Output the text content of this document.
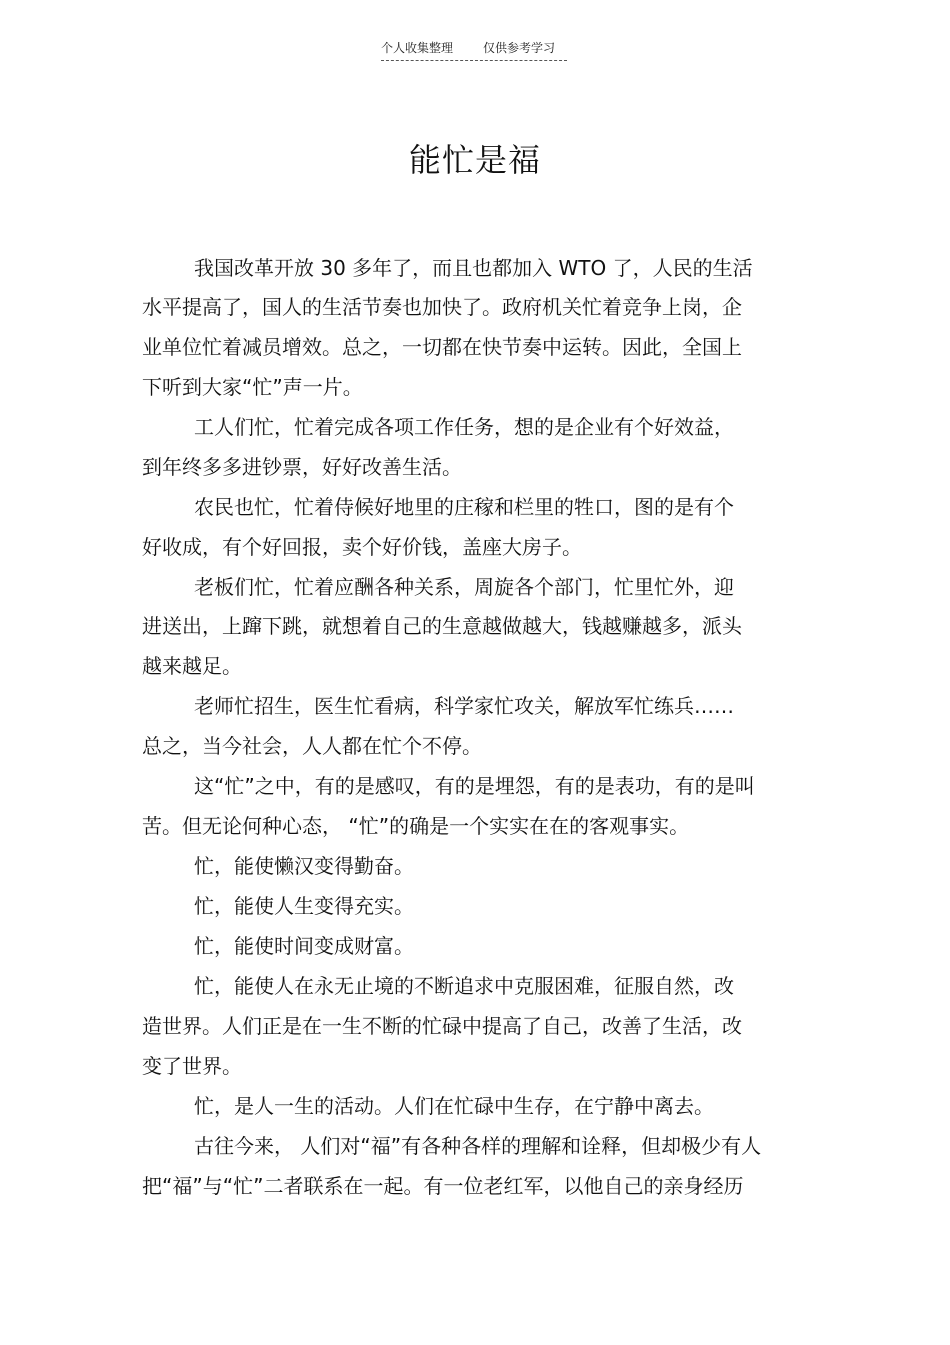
个人收集整理 仅供参考学习
能忙是福
我国改革开放 30 多年了，而且也都加入 WTO 了，人民的生活
水平提高了，国人的生活节奏也加快了。政府机关忙着竞争上岗，企
业单位忙着减员增效。总之，一切都在快节奏中运转。因此，全国上
下听到大家“忙”声一片。
工人们忙，忙着完成各项工作任务，想的是企业有个好效益，
到年终多多进钞票，好好改善生活。
农民也忙，忙着侍候好地里的庄稼和栏里的牲口，图的是有个
好收成，有个好回报，卖个好价钱，盖座大房子。
老板们忙，忙着应酬各种关系，周旋各个部门，忙里忙外，迎
进送出，上蹿下跳，就想着自己的生意越做越大，钱越赚越多，派头
越来越足。
老师忙招生，医生忙看病，科学家忙攻关，解放军忙练兵……
总之，当今社会，人人都在忙个不停。
这“忙”之中，有的是感叹，有的是埋怨，有的是表功，有的是叫
苦。但无论何种心态， “忙”的确是一个实实在在的客观事实。
忙，能使懒汉变得勤奋。
忙，能使人生变得充实。
忙，能使时间变成财富。
忙，能使人在永无止境的不断追求中克服困难，征服自然，改
造世界。人们正是在一生不断的忙碌中提高了自己，改善了生活，改
变了世界。
忙，是人一生的活动。人们在忙碌中生存，在宁静中离去。
古往今来， 人们对“福”有各种各样的理解和诠释，但却极少有人
把“福”与“忙”二者联系在一起。有一位老红军，以他自己的亲身经历
